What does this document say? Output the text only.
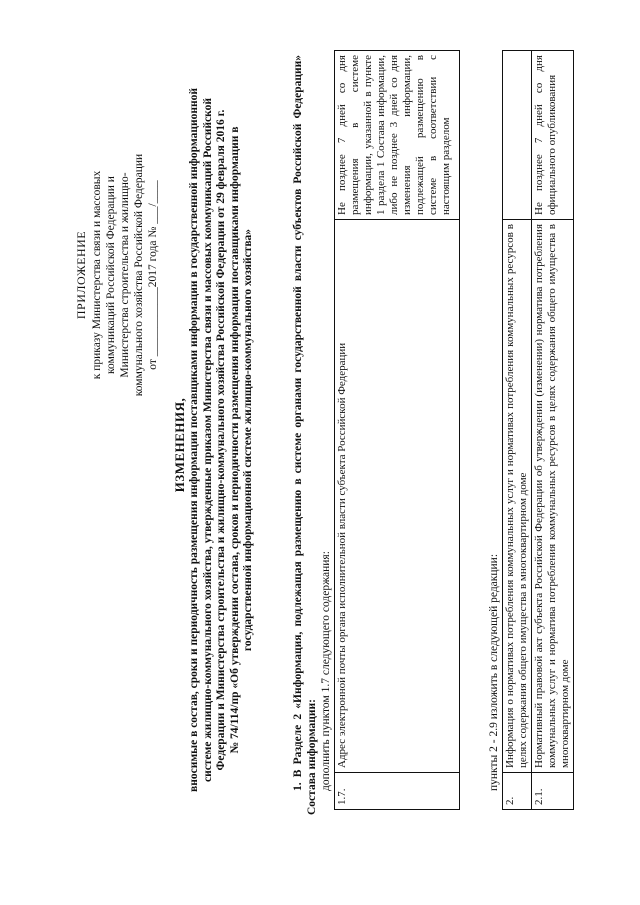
ПРИЛОЖЕНИЕ к приказу Министерства связи и массовых коммуникаций Российской Федерации и Министерства строительства и жилищно- коммунального хозяйства Российской Федерации от ____________2017 года № ___/____
ИЗМЕНЕНИЯ, вносимые в состав, сроки и периодичность размещения информации поставщиками информации в государственной информационной системе жилищно-коммунального хозяйства, утвержденные приказом Министерства связи и массовых коммуникаций Российской Федерации и Министерства строительства и жилищно-коммунального хозяйства Российской Федерации от 29 февраля 2016 г. № 74/114/пр «Об утверждении состава, сроков и периодичности размещения информации поставщиками информации в государственной информационной системе жилищно-коммунального хозяйства»	1. В Разделе 2 «Информация, подлежащая размещению в системе органами государственной власти субъектов Российской Федерации» Состава информации: дополнить пунктом 1.7 следующего содержания:
1.7.	Адрес электронной почты органа исполнительной власти субъекта Российской Федерации	Не позднее 7 дней со дня размещения в системе информации, указанной в пункте 1 раздела 1 Состава информации, либо не позднее 3 дней со дня изменения информации, подлежащей размещению в системе в соответствии с настоящим разделом
пункты 2 - 2.9 изложить в следующей редакции:
2.	Информация о нормативах потребления коммунальных услуг и нормативах потребления коммунальных ресурсов в целях содержания общего имущества в многоквартирном доме	
2.1.	Нормативный правовой акт субъекта Российской Федерации об утверждении (изменении) норматива потребления коммунальных услуг и норматива потребления коммунальных ресурсов в целях содержания общего имущества в многоквартирном доме	Не позднее 7 дней со дня официального опубликования
